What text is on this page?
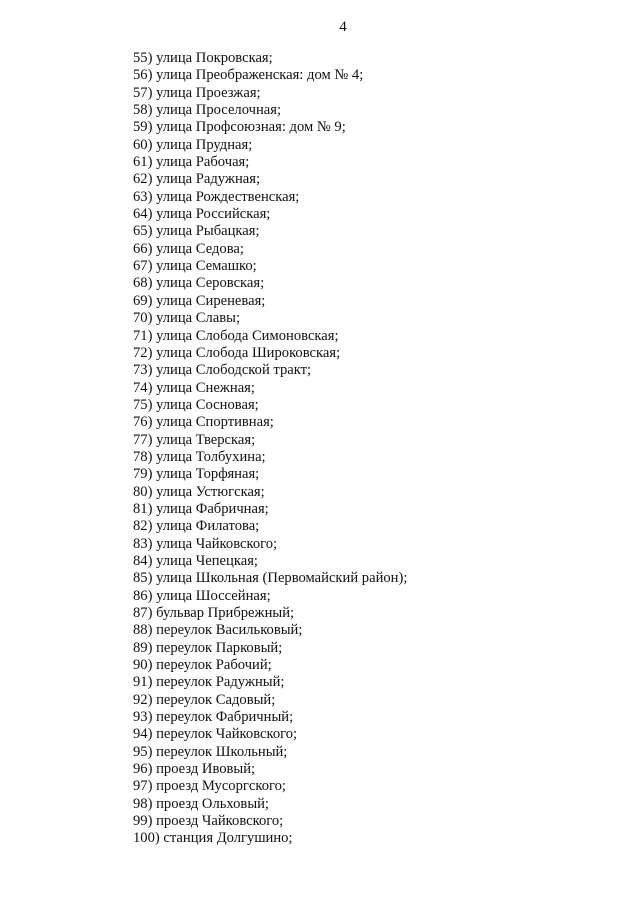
4
55) улица Покровская;
56) улица Преображенская: дом № 4;
57) улица Проезжая;
58) улица Проселочная;
59) улица Профсоюзная: дом № 9;
60) улица Прудная;
61) улица Рабочая;
62) улица Радужная;
63) улица Рождественская;
64) улица Российская;
65) улица Рыбацкая;
66) улица Седова;
67) улица Семашко;
68) улица Серовская;
69) улица Сиреневая;
70) улица Славы;
71) улица Слобода Симоновская;
72) улица Слобода Широковская;
73) улица Слободской тракт;
74) улица Снежная;
75) улица Сосновая;
76) улица Спортивная;
77) улица Тверская;
78) улица Толбухина;
79) улица Торфяная;
80) улица Устюгская;
81) улица Фабричная;
82) улица Филатова;
83) улица Чайковского;
84) улица Чепецкая;
85) улица Школьная (Первомайский район);
86) улица Шоссейная;
87) бульвар Прибрежный;
88) переулок Васильковый;
89) переулок Парковый;
90) переулок Рабочий;
91) переулок Радужный;
92) переулок Садовый;
93) переулок Фабричный;
94) переулок Чайковского;
95) переулок Школьный;
96) проезд Ивовый;
97) проезд Мусоргского;
98) проезд Ольховый;
99) проезд Чайковского;
100) станция Долгушино;
